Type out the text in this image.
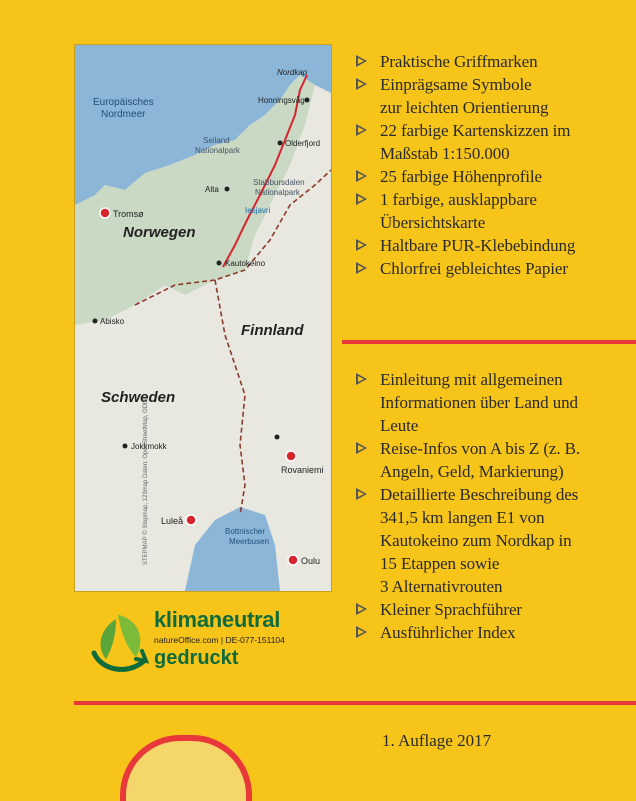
Europäisches
Nordmeer
Nordkap
Honningsvåg
Seiland
Nationalpark
Olderfjord
Stabbursdalen
Nationalpark
Alta
Iesjavri
Tromsø
Norwegen
Kautokeino
Abisko
Finnland
Schweden
Jokkmokk
Rovaniemi
Luleå
Bottnischer
Meerbusen
Oulu
STEPMAP © Stepmap, 123map Daten: OpenStreetMap, ODbL
Praktische Griffmarken
Einprägsame Symbole
zur leichten Orientierung
22 farbige Kartenskizzen im
Maßstab 1:150.000
25 farbige Höhenprofile
1 farbige, ausklappbare
Übersichtskarte
Haltbare PUR-Klebebindung
Chlorfrei gebleichtes Papier
Einleitung mit allgemeinen
Informationen über Land und
Leute
Reise-Infos von A bis Z (z. B.
Angeln, Geld, Markierung)
Detaillierte Beschreibung des
341,5 km langen E1 von
Kautokeino zum Nordkap in
15 Etappen sowie
3 Alternativrouten
Kleiner Sprachführer
Ausführlicher Index
klimaneutral
natureOffice.com | DE-077-151104
gedruckt
1. Auflage 2017
